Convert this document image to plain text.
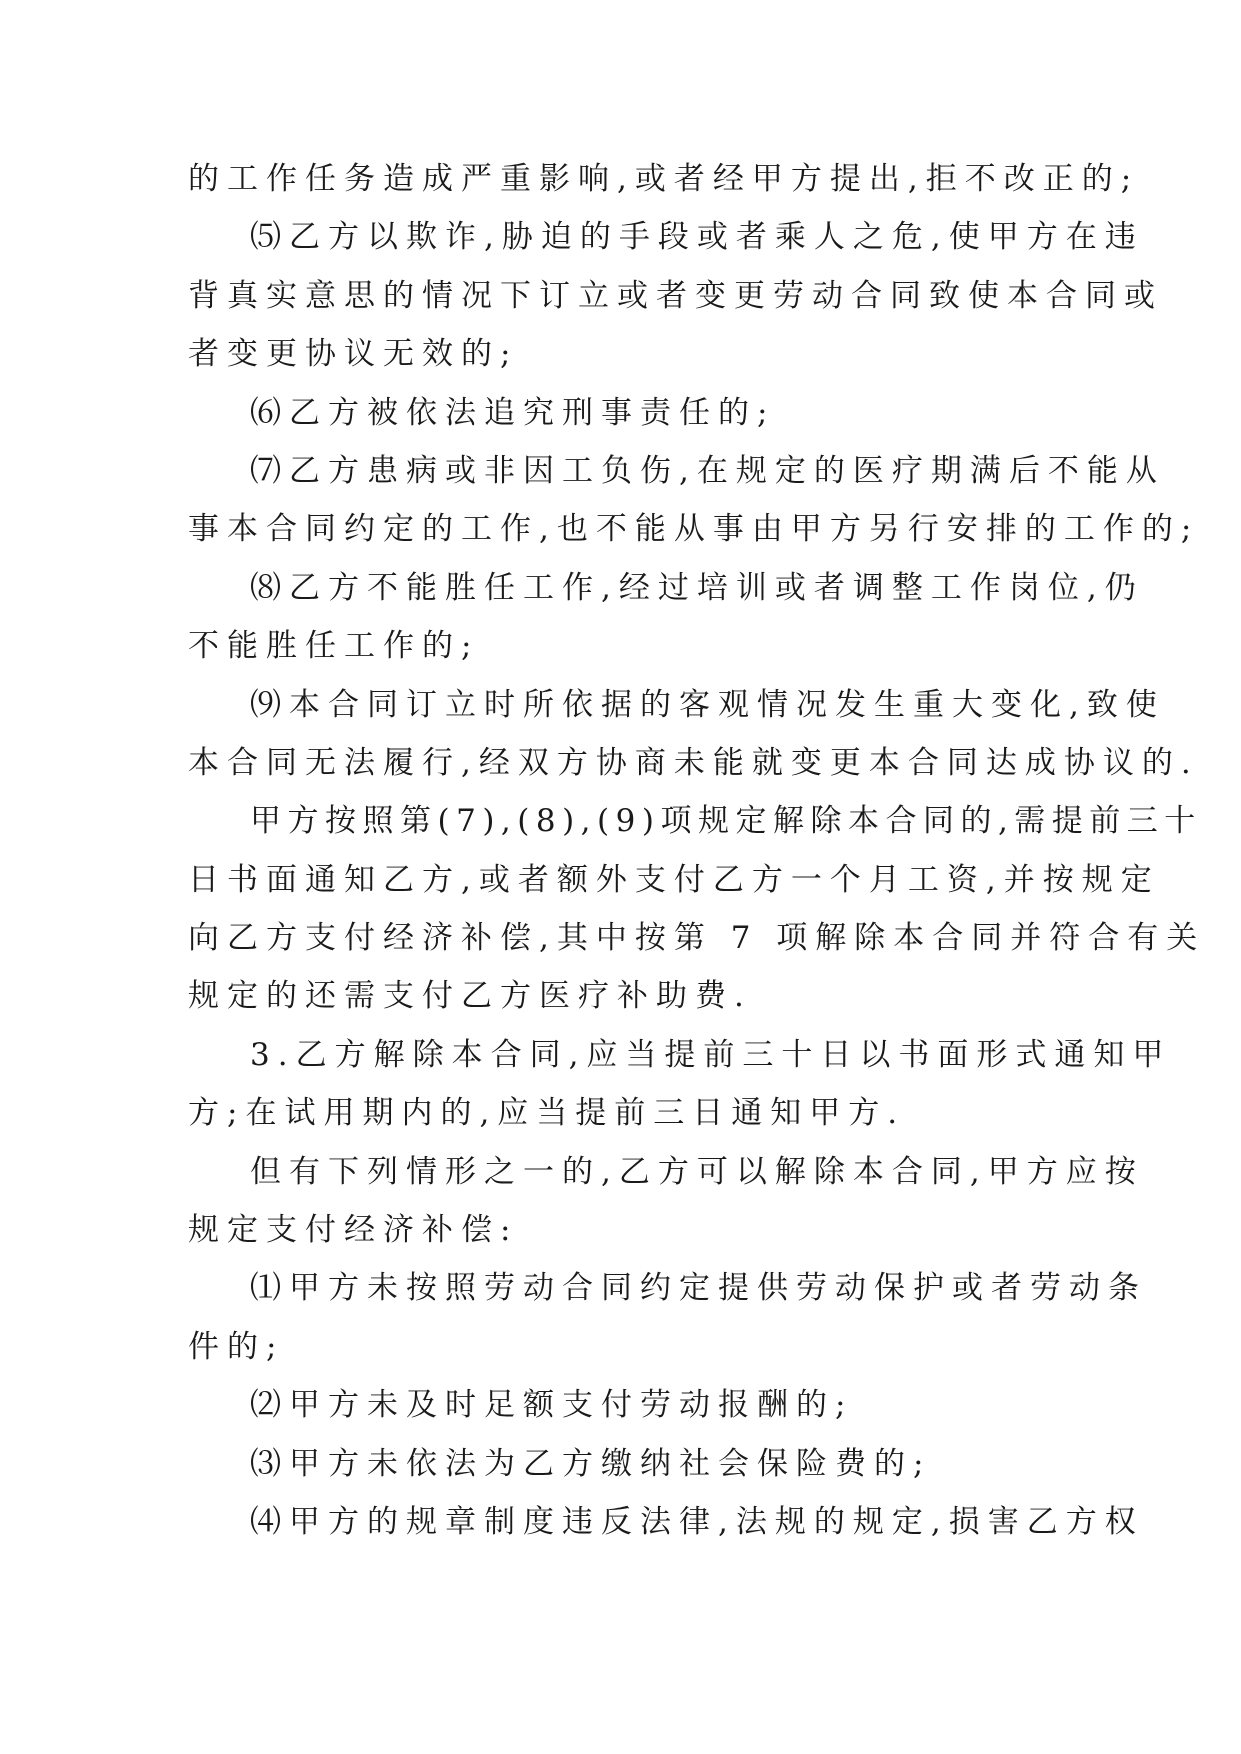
的工作任务造成严重影响,或者经甲方提出,拒不改正的;
⑸乙方以欺诈,胁迫的手段或者乘人之危,使甲方在违
背真实意思的情况下订立或者变更劳动合同致使本合同或
者变更协议无效的;
⑹乙方被依法追究刑事责任的;
⑺乙方患病或非因工负伤,在规定的医疗期满后不能从
事本合同约定的工作,也不能从事由甲方另行安排的工作的;
⑻乙方不能胜任工作,经过培训或者调整工作岗位,仍
不能胜任工作的;
⑼本合同订立时所依据的客观情况发生重大变化,致使
本合同无法履行,经双方协商未能就变更本合同达成协议的.
甲方按照第(7),(8),(9)项规定解除本合同的,需提前三十
日书面通知乙方,或者额外支付乙方一个月工资,并按规定
向乙方支付经济补偿,其中按第 7 项解除本合同并符合有关
规定的还需支付乙方医疗补助费.
3.乙方解除本合同,应当提前三十日以书面形式通知甲
方;在试用期内的,应当提前三日通知甲方.
但有下列情形之一的,乙方可以解除本合同,甲方应按
规定支付经济补偿:
⑴甲方未按照劳动合同约定提供劳动保护或者劳动条
件的;
⑵甲方未及时足额支付劳动报酬的;
⑶甲方未依法为乙方缴纳社会保险费的;
⑷甲方的规章制度违反法律,法规的规定,损害乙方权
